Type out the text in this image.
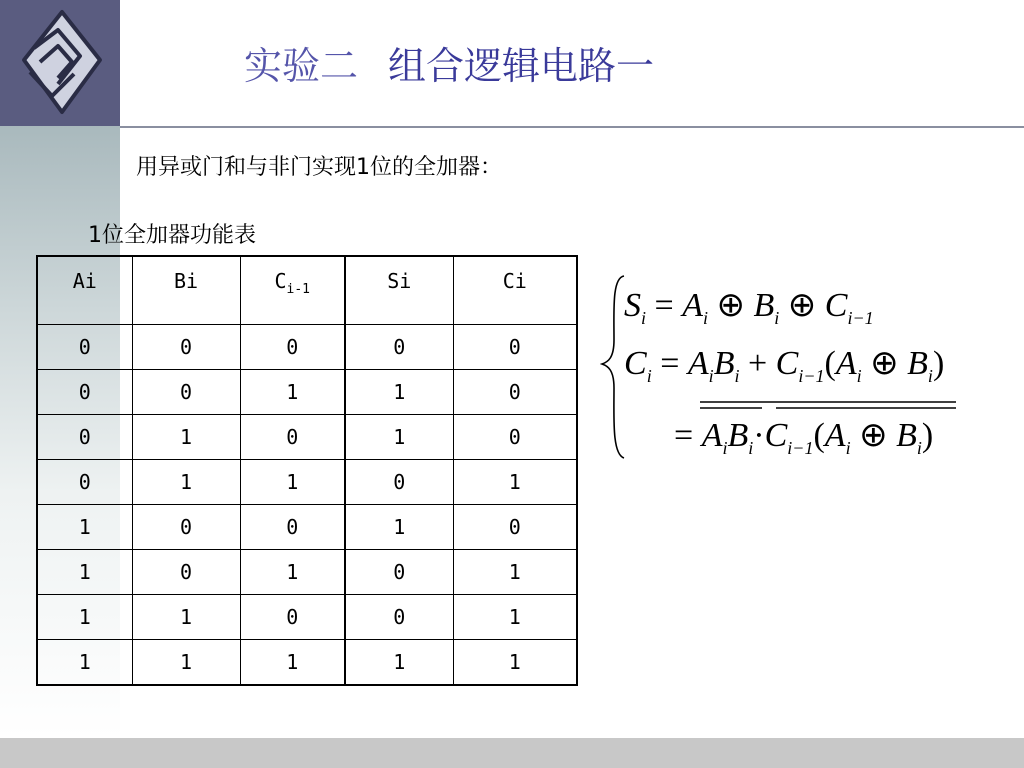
实验二 组合逻辑电路一
用异或门和与非门实现1位的全加器：
1位全加器功能表
Ai	Bi	$C_{i-1}$	Si	Ci
0	0	0	0	0
0	0	1	1	0
0	1	0	1	0
0	1	1	0	1
1	0	0	1	0
1	0	1	0	1
1	1	0	0	1
1	1	1	1	1
$S_i = A_i$ ⊕ $B_i$ ⊕ $C_{i-1}$
$C_i = A_iB_i + C_{i-1}(A_i$ ⊕ $B_i$)
= $A_iB_i\cdot C_{i-1}(A_i$ ⊕ $B_i$)
